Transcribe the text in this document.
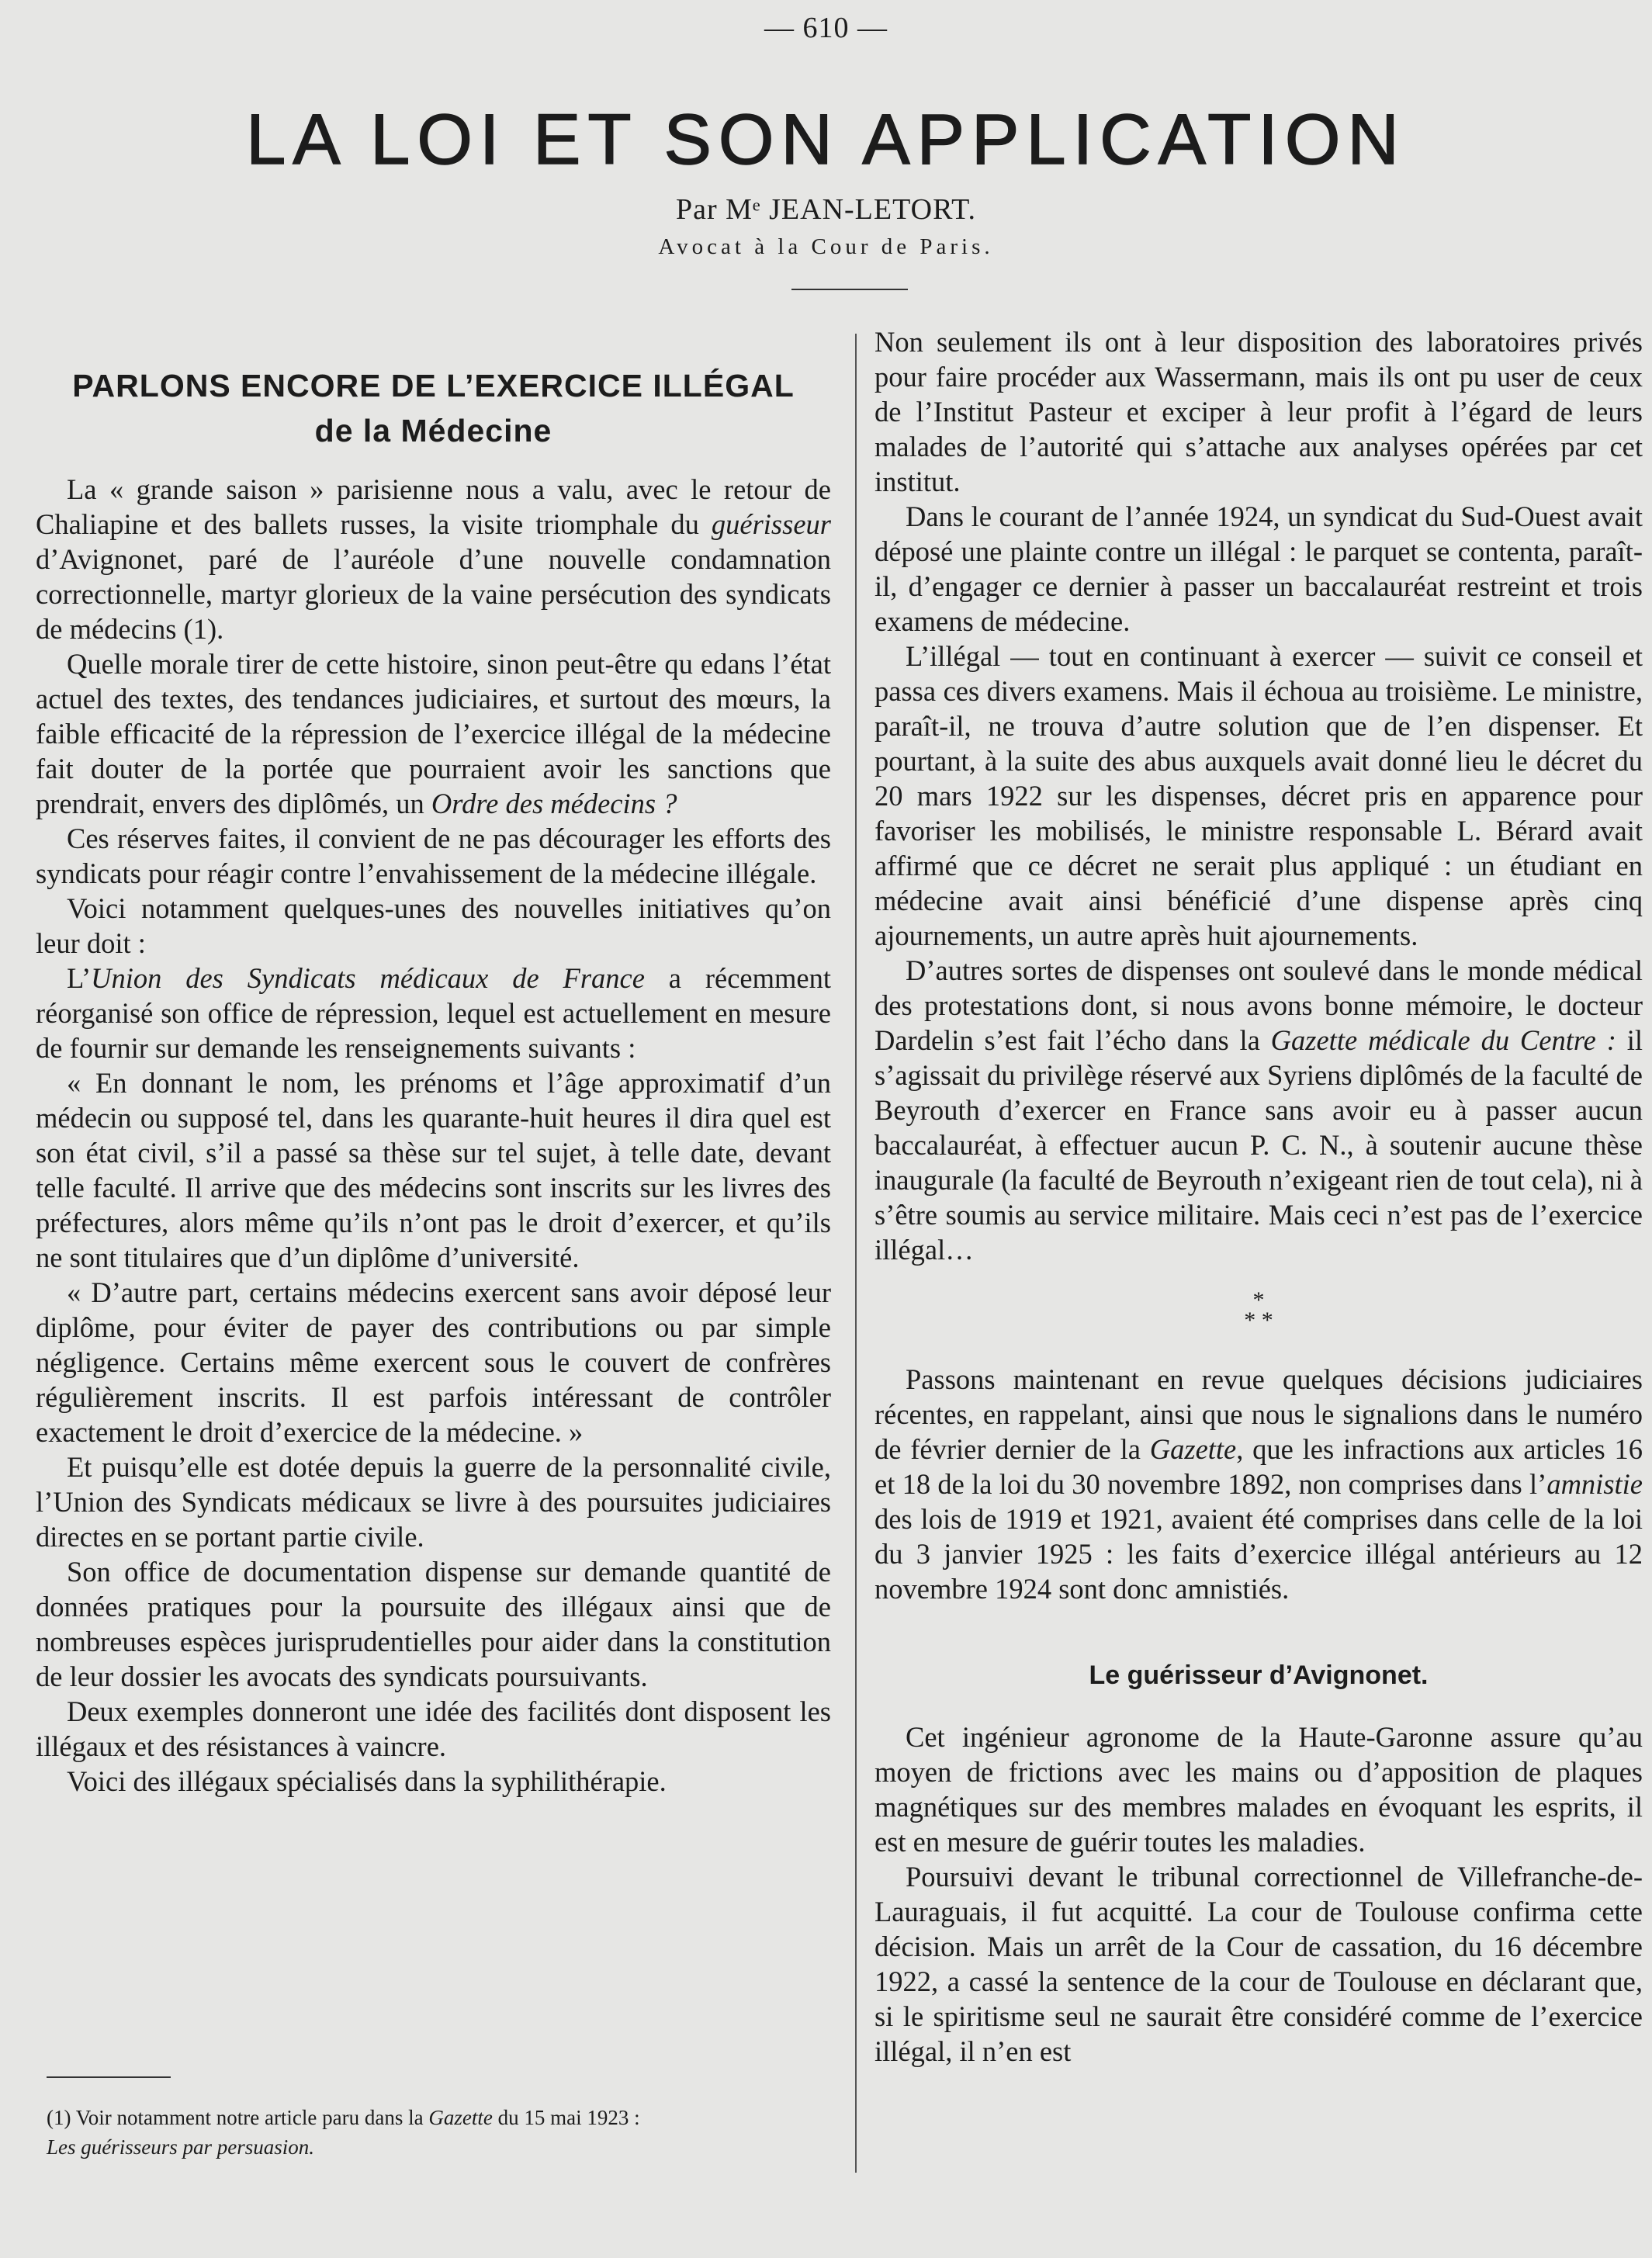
— 610 —
LA LOI ET SON APPLICATION
Par Mᵉ JEAN-LETORT.
Avocat à la Cour de Paris.
PARLONS ENCORE DE L’EXERCICE ILLÉGAL
de la Médecine

La « grande saison » parisienne nous a valu, avec le retour de Chaliapine et des ballets russes, la visite triomphale du guérisseur d’Avignonet, paré de l’auréole d’une nouvelle condamnation correctionnelle, martyr glorieux de la vaine persécution des syndicats de médecins (1).

Quelle morale tirer de cette histoire, sinon peut-être qu edans l’état actuel des textes, des tendances judiciaires, et surtout des mœurs, la faible efficacité de la répression de l’exercice illégal de la médecine fait douter de la portée que pourraient avoir les sanctions que prendrait, envers des diplômés, un Ordre des médecins ?

Ces réserves faites, il convient de ne pas décourager les efforts des syndicats pour réagir contre l’envahissement de la médecine illégale.

Voici notamment quelques-unes des nouvelles initiatives qu’on leur doit :

L’Union des Syndicats médicaux de France a récemment réorganisé son office de répression, lequel est actuellement en mesure de fournir sur demande les renseignements suivants :

« En donnant le nom, les prénoms et l’âge approximatif d’un médecin ou supposé tel, dans les quarante-huit heures il dira quel est son état civil, s’il a passé sa thèse sur tel sujet, à telle date, devant telle faculté. Il arrive que des médecins sont inscrits sur les livres des préfectures, alors même qu’ils n’ont pas le droit d’exercer, et qu’ils ne sont titulaires que d’un diplôme d’université.

« D’autre part, certains médecins exercent sans avoir déposé leur diplôme, pour éviter de payer des contributions ou par simple négligence. Certains même exercent sous le couvert de confrères régulièrement inscrits. Il est parfois intéressant de contrôler exactement le droit d’exercice de la médecine. »

Et puisqu’elle est dotée depuis la guerre de la personnalité civile, l’Union des Syndicats médicaux se livre à des poursuites judiciaires directes en se portant partie civile.

Son office de documentation dispense sur demande quantité de données pratiques pour la poursuite des illégaux ainsi que de nombreuses espèces jurisprudentielles pour aider dans la constitution de leur dossier les avocats des syndicats poursuivants.

Deux exemples donneront une idée des facilités dont disposent les illégaux et des résistances à vaincre.

Voici des illégaux spécialisés dans la syphilithérapie.

(1) Voir notamment notre article paru dans la Gazette du 15 mai 1923 :
Les guérisseurs par persuasion.

Non seulement ils ont à leur disposition des laboratoires privés pour faire procéder aux Wassermann, mais ils ont pu user de ceux de l’Institut Pasteur et exciper à leur profit à l’égard de leurs malades de l’autorité qui s’attache aux analyses opérées par cet institut.

Dans le courant de l’année 1924, un syndicat du Sud-Ouest avait déposé une plainte contre un illégal : le parquet se contenta, paraît-il, d’engager ce dernier à passer un baccalauréat restreint et trois examens de médecine.

L’illégal — tout en continuant à exercer — suivit ce conseil et passa ces divers examens. Mais il échoua au troisième. Le ministre, paraît-il, ne trouva d’autre solution que de l’en dispenser. Et pourtant, à la suite des abus auxquels avait donné lieu le décret du 20 mars 1922 sur les dispenses, décret pris en apparence pour favoriser les mobilisés, le ministre responsable L. Bérard avait affirmé que ce décret ne serait plus appliqué : un étudiant en médecine avait ainsi bénéficié d’une dispense après cinq ajournements, un autre après huit ajournements.

D’autres sortes de dispenses ont soulevé dans le monde médical des protestations dont, si nous avons bonne mémoire, le docteur Dardelin s’est fait l’écho dans la Gazette médicale du Centre : il s’agissait du privilège réservé aux Syriens diplômés de la faculté de Beyrouth d’exercer en France sans avoir eu à passer aucun baccalauréat, à effectuer aucun P. C. N., à soutenir aucune thèse inaugurale (la faculté de Beyrouth n’exigeant rien de tout cela), ni à s’être soumis au service militaire. Mais ceci n’est pas de l’exercice illégal…

*
* *

Passons maintenant en revue quelques décisions judiciaires récentes, en rappelant, ainsi que nous le signalions dans le numéro de février dernier de la Gazette, que les infractions aux articles 16 et 18 de la loi du 30 novembre 1892, non comprises dans l’amnistie des lois de 1919 et 1921, avaient été comprises dans celle de la loi du 3 janvier 1925 : les faits d’exercice illégal antérieurs au 12 novembre 1924 sont donc amnistiés.

Le guérisseur d’Avignonet.

Cet ingénieur agronome de la Haute-Garonne assure qu’au moyen de frictions avec les mains ou d’apposition de plaques magnétiques sur des membres malades en évoquant les esprits, il est en mesure de guérir toutes les maladies.

Poursuivi devant le tribunal correctionnel de Villefranche-de-Lauraguais, il fut acquitté. La cour de Toulouse confirma cette décision. Mais un arrêt de la Cour de cassation, du 16 décembre 1922, a cassé la sentence de la cour de Toulouse en déclarant que, si le spiritisme seul ne saurait être considéré comme de l’exercice illégal, il n’en est
